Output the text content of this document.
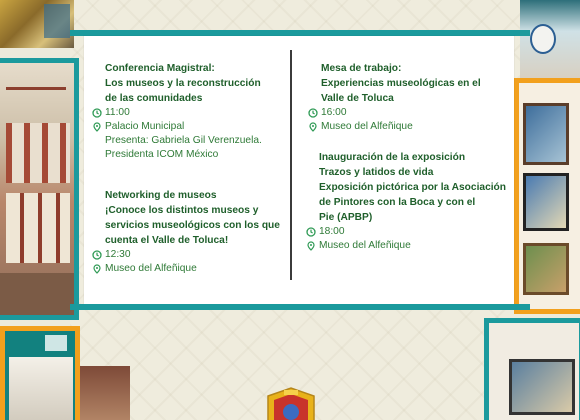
Conferencia Magistral:
Los museos y la reconstrucción
de las comunidades
11:00
Palacio Municipal
Presenta: Gabriela Gil Verenzuela.
Presidenta ICOM México
Networking de museos
¡Conoce los distintos museos y
servicios museológicos con los que
cuenta el Valle de Toluca!
12:30
Museo del Alfeñique
Mesa de trabajo:
Experiencias museológicas en el
Valle de Toluca
16:00
Museo del Alfeñique
Inauguración de la exposición
Trazos y latidos de vida
Exposición pictórica por la Asociación
de Pintores con la Boca y con el
Pie (APBP)
18:00
Museo del Alfeñique
